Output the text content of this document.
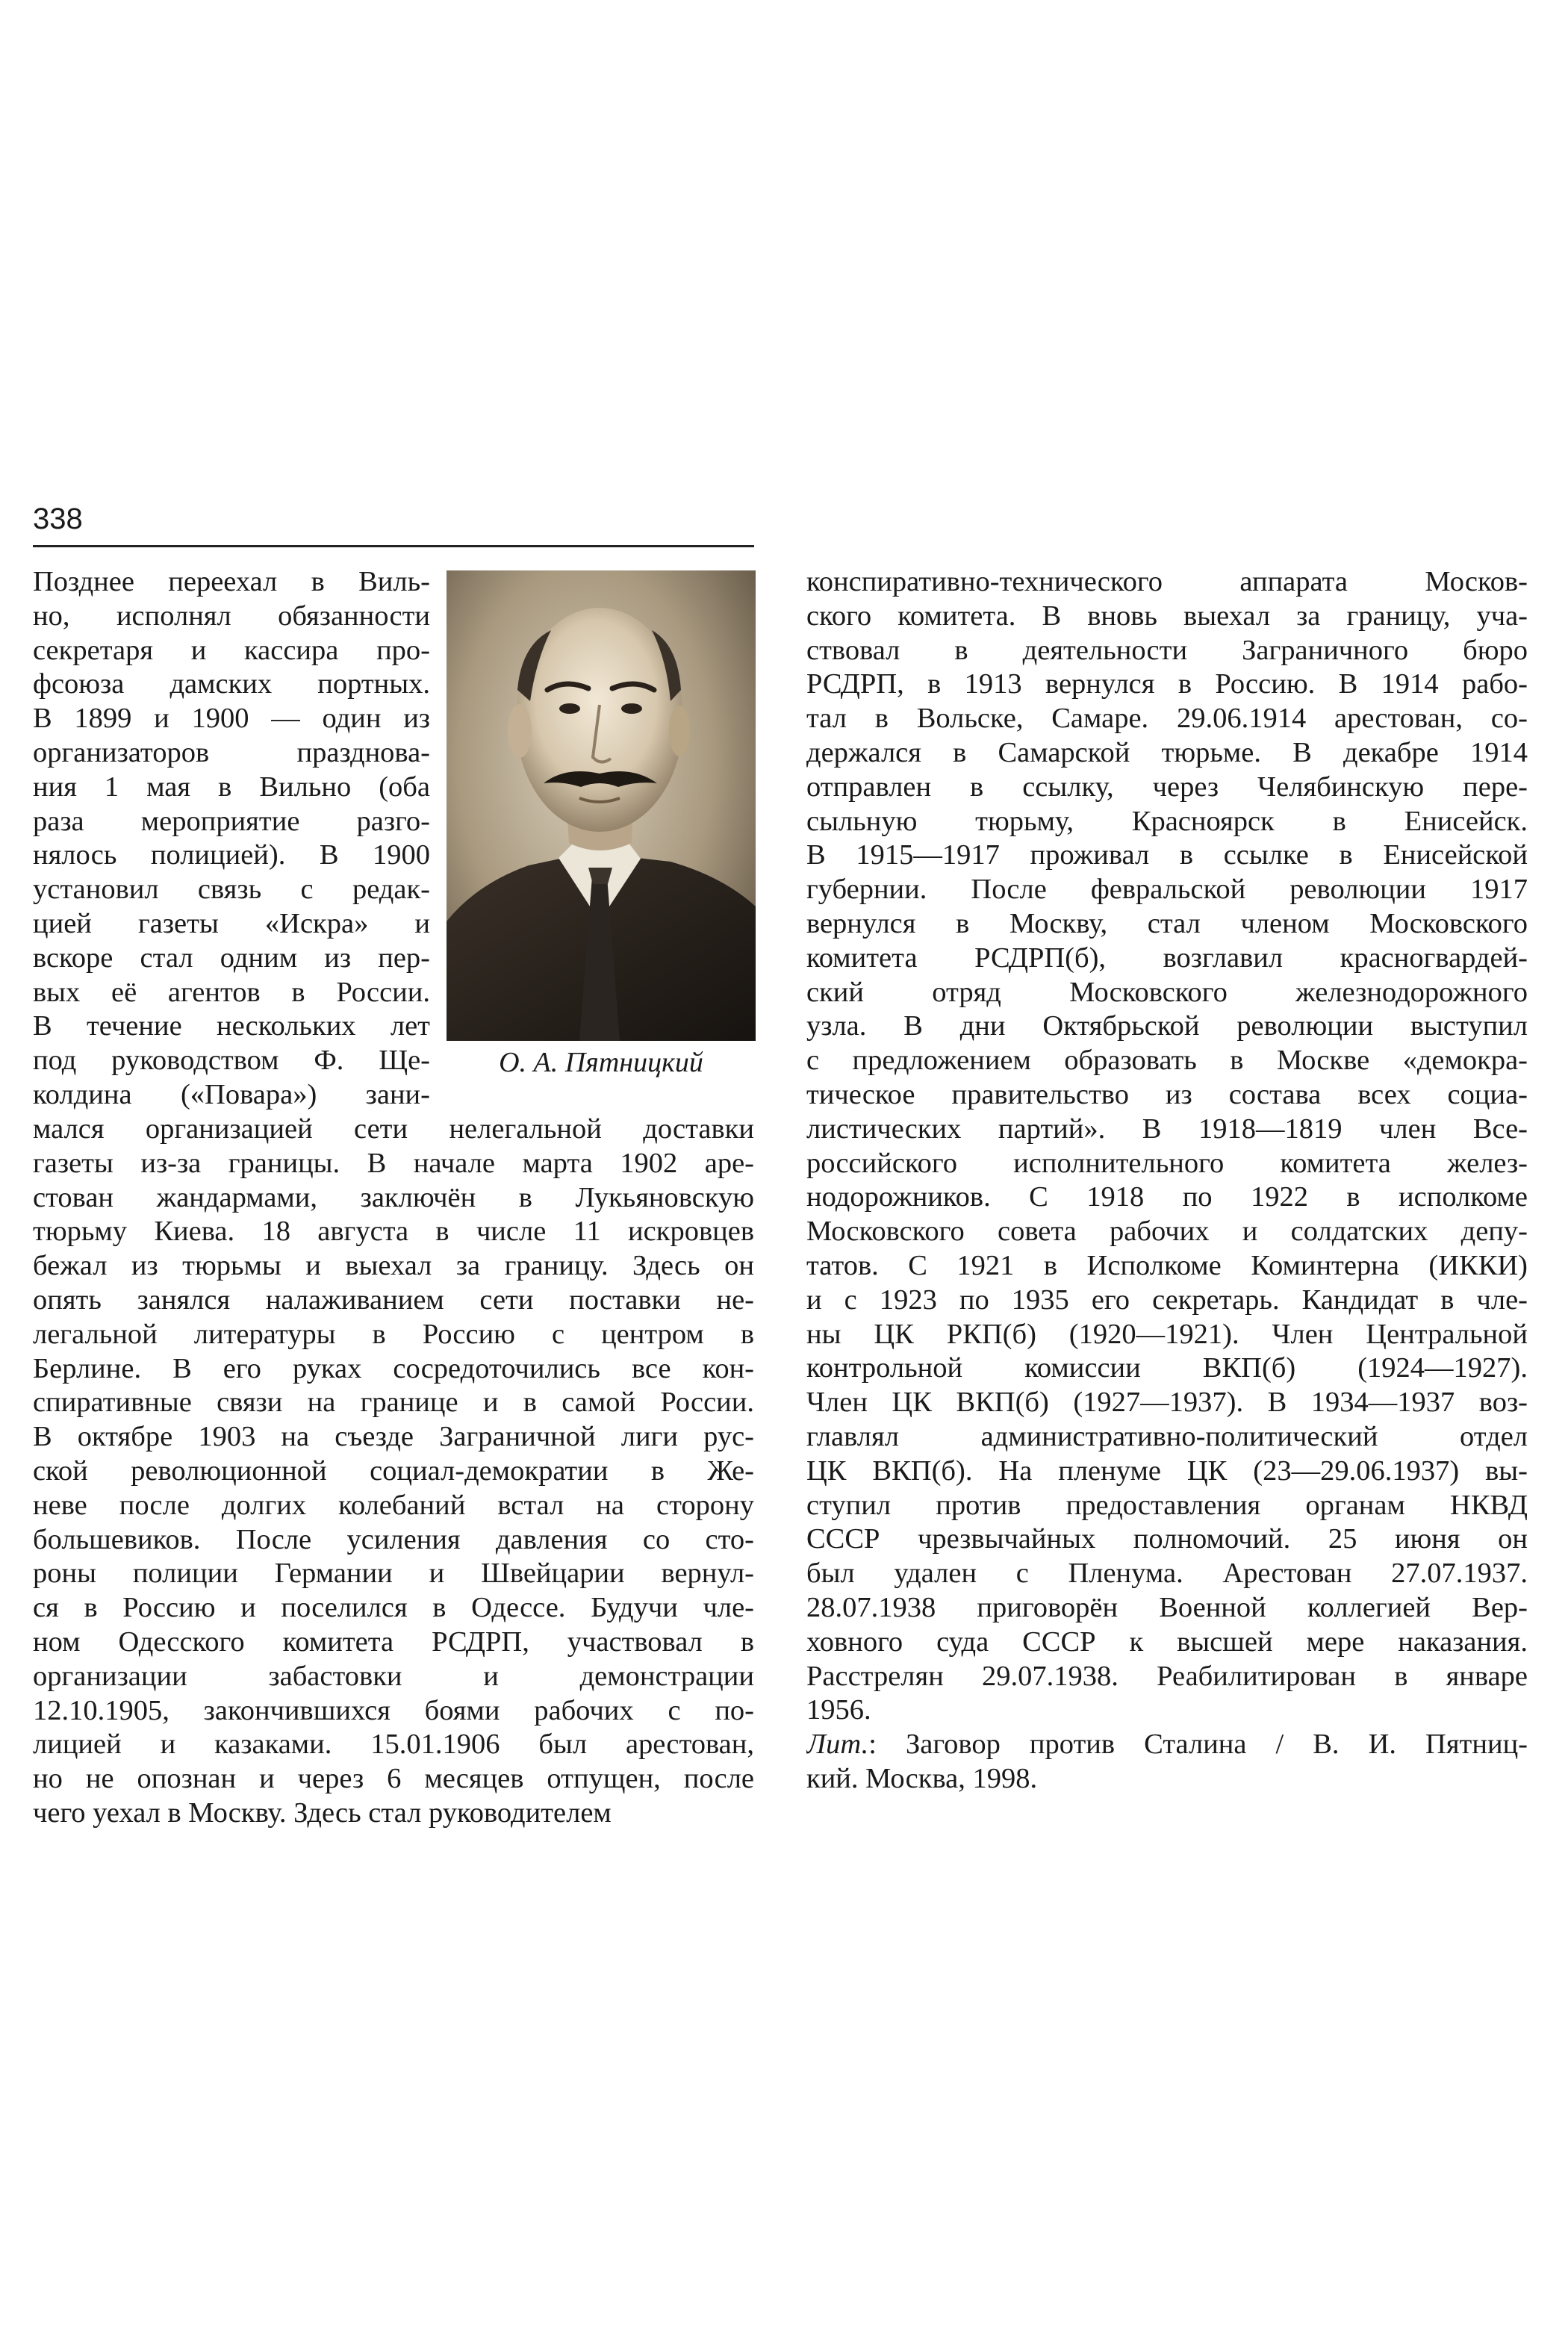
338
Позднее переехал в Виль-
но, исполнял обязанности
секретаря и кассира про-
фсоюза дамских портных.
В 1899 и 1900 — один из
организаторов празднова-
ния 1 мая в Вильно (оба
раза мероприятие разго-
нялось полицией). В 1900
установил связь с редак-
цией газеты «Искра» и
вскоре стал одним из пер-
вых её агентов в России.
В течение нескольких лет
под руководством Ф. Ще-
колдина («Повара») зани-
О. А. Пятницкий
мался организацией сети нелегальной доставки
газеты из-за границы. В начале марта 1902 аре-
стован жандармами, заключён в Лукьяновскую
тюрьму Киева. 18 августа в числе 11 искровцев
бежал из тюрьмы и выехал за границу. Здесь он
опять занялся налаживанием сети поставки не-
легальной литературы в Россию с центром в
Берлине. В его руках сосредоточились все кон-
спиративные связи на границе и в самой России.
В октябре 1903 на съезде Заграничной лиги рус-
ской революционной социал-демократии в Же-
неве после долгих колебаний встал на сторону
большевиков. После усиления давления со сто-
роны полиции Германии и Швейцарии вернул-
ся в Россию и поселился в Одессе. Будучи чле-
ном Одесского комитета РСДРП, участвовал в
организации забастовки и демонстрации
12.10.1905, закончившихся боями рабочих с по-
лицией и казаками. 15.01.1906 был арестован,
но не опознан и через 6 месяцев отпущен, после
чего уехал в Москву. Здесь стал руководителем
конспиративно-технического аппарата Москов-
ского комитета. В вновь выехал за границу, уча-
ствовал в деятельности Заграничного бюро
РСДРП, в 1913 вернулся в Россию. В 1914 рабо-
тал в Вольске, Самаре. 29.06.1914 арестован, со-
держался в Самарской тюрьме. В декабре 1914
отправлен в ссылку, через Челябинскую пере-
сыльную тюрьму, Красноярск в Енисейск.
В 1915—1917 проживал в ссылке в Енисейской
губернии. После февральской революции 1917
вернулся в Москву, стал членом Московского
комитета РСДРП(б), возглавил красногвардей-
ский отряд Московского железнодорожного
узла. В дни Октябрьской революции выступил
с предложением образовать в Москве «демокра-
тическое правительство из состава всех социа-
листических партий». В 1918—1819 член Все-
российского исполнительного комитета желез-
нодорожников. С 1918 по 1922 в исполкоме
Московского совета рабочих и солдатских депу-
татов. С 1921 в Исполкоме Коминтерна (ИККИ)
и с 1923 по 1935 его секретарь. Кандидат в чле-
ны ЦК РКП(б) (1920—1921). Член Центральной
контрольной комиссии ВКП(б) (1924—1927).
Член ЦК ВКП(б) (1927—1937). В 1934—1937 воз-
главлял административно-политический отдел
ЦК ВКП(б). На пленуме ЦК (23—29.06.1937) вы-
ступил против предоставления органам НКВД
СССР чрезвычайных полномочий. 25 июня он
был удален с Пленума. Арестован 27.07.1937.
28.07.1938 приговорён Военной коллегией Вер-
ховного суда СССР к высшей мере наказания.
Расстрелян 29.07.1938. Реабилитирован в январе
1956.
Лит.: Заговор против Сталина / В. И. Пятниц-
кий. Москва, 1998.
